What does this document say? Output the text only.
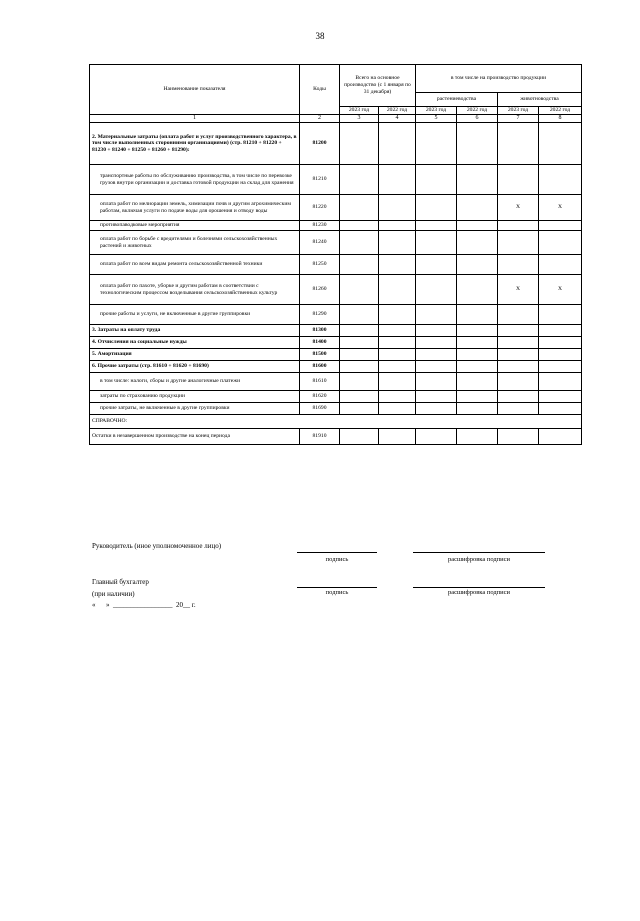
38
Наименование показателя	Коды	Всего на основное производство (с 1 января по 31 декабря)		в том числе на производство продукции			
				растениеводства		животноводства	
		2023 год	2022 год	2023 год	2022 год	2023 год	2022 год
1	2	3	4	5	6	7	8
2. Материальные затраты (оплата работ и услуг производственного характера, в том числе выполненных сторонними организациями) (стр. 81210 + 81220 + 81230 + 81240 + 81250 + 81260 + 81290):	81200						
транспортные работы по обслуживанию производства, в том числе по перевозке грузов внутри организации и доставка готовой продукции на склад для хранения	81210						
оплата работ по мелиорации земель, химизации почв и другим агрохимическим работам, включая услуги по подаче воды для орошения и отводу воды	81220					X	X
противопаводковые мероприятия	81230						
оплата работ по борьбе с вредителями и болезнями сельскохозяйственных растений и животных	81240						
оплата работ по всем видам ремонта сельскохозяйственной техники	81250						
оплата работ по пахоте, уборке и другим работам в соответствии с технологическим процессом возделывания сельскохозяйственных культур	81260					X	X
прочие работы и услуги, не включенные в другие группировки	81290						
3. Затраты на оплату труда	81300						
4. Отчисления на социальные нужды	81400						
5. Амортизация	81500						
6. Прочие затраты (стр. 81610 + 81620 + 81690)	81600						
в том числе: налоги, сборы и другие аналогичные платежи	81610						
затраты по страхованию продукции	81620						
прочие затраты, не включенные в другие группировки	81690						
СПРАВОЧНО:							
Остатки в незавершенном производстве на конец периода	81910						
Руководитель (иное уполномоченное лицо)
подпись	расшифровка подписи
Главный бухгалтер
(при наличии)	подпись	расшифровка подписи
«      »  _________________  20__ г.
